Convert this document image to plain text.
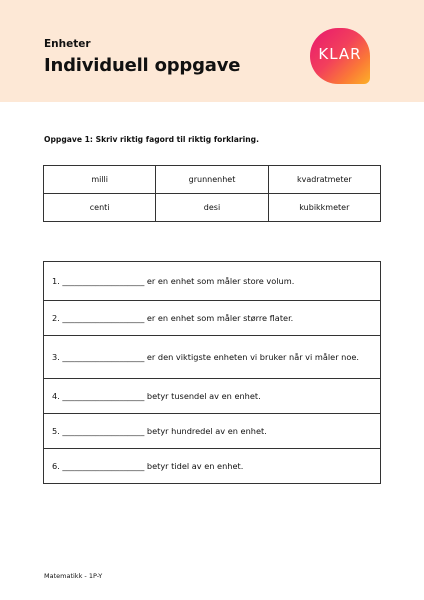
Enheter
Individuell oppgave
KLAR
Oppgave 1: Skriv riktig fagord til riktig forklaring.
milli	grunnenhet	kvadratmeter
centi	desi	kubikkmeter
1. ____________________ er en enhet som måler store volum.
2. ____________________ er en enhet som måler større flater.
3. ____________________ er den viktigste enheten vi bruker når vi måler noe.
4. ____________________ betyr tusendel av en enhet.
5. ____________________ betyr hundredel av en enhet.
6. ____________________ betyr tidel av en enhet.
Matematikk - 1P-Y
